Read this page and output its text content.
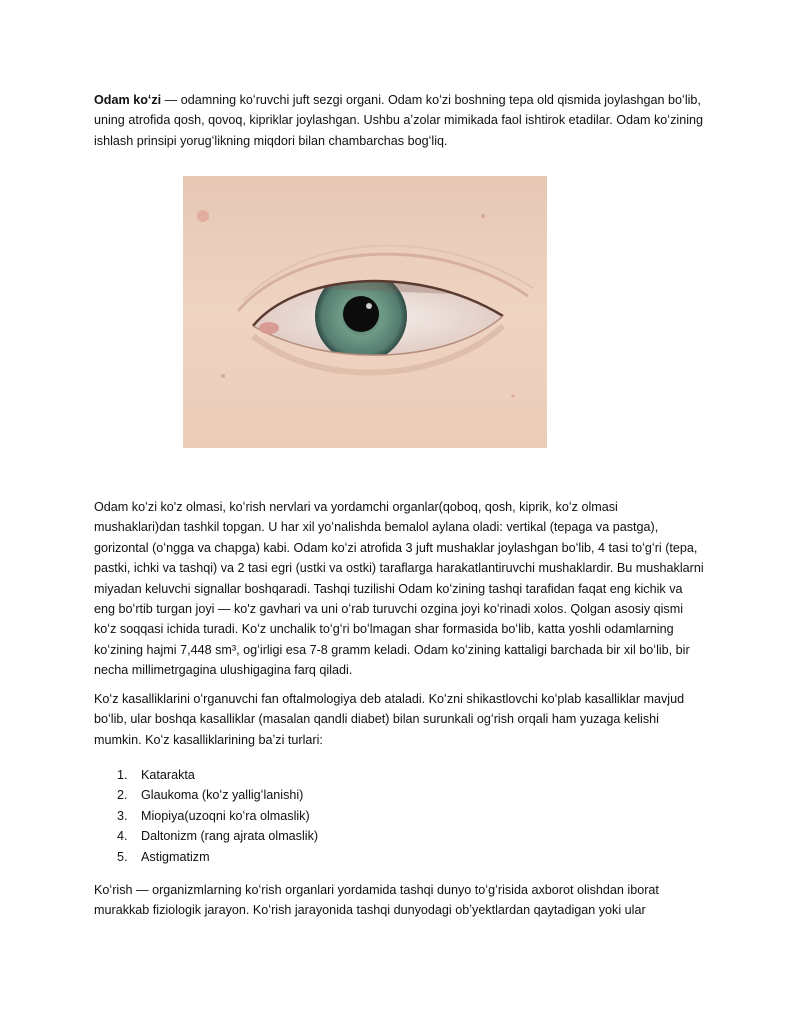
Odam koʻzi — odamning koʻruvchi juft sezgi organi. Odam koʻzi boshning tepa old qismida joylashgan boʻlib, uning atrofida qosh, qovoq, kipriklar joylashgan. Ushbu aʼzolar mimikada faol ishtirok etadilar. Odam koʻzining ishlash prinsipi yorugʻlikning miqdori bilan chambarchas bogʻliq.

Odam koʻzi ko'z olmasi, koʻrish nervlari va yordamchi organlar(qoboq, qosh, kiprik, koʻz olmasi mushaklari)dan tashkil topgan. U har xil yoʻnalishda bemalol aylana oladi: vertikal (tepaga va pastga), gorizontal (oʻngga va chapga) kabi. Odam koʻzi atrofida 3 juft mushaklar joylashgan boʻlib, 4 tasi toʻgʻri (tepa, pastki, ichki va tashqi) va 2 tasi egri (ustki va ostki) taraflarga harakatlantiruvchi mushaklardir. Bu mushaklarni miyadan keluvchi signallar boshqaradi. Tashqi tuzilishi Odam koʻzining tashqi tarafidan faqat eng kichik va eng boʻrtib turgan joyi — ko'z gavhari va uni oʻrab turuvchi ozgina joyi koʻrinadi xolos. Qolgan asosiy qismi koʻz soqqasi ichida turadi. Koʻz unchalik toʻgʻri boʻlmagan shar formasida boʻlib, katta yoshli odamlarning koʻzining hajmi 7,448 sm³, ogʻirligi esa 7-8 gramm keladi. Odam koʻzining kattaligi barchada bir xil boʻlib, bir necha millimetrgagina ulushigagina farq qiladi.

Koʻz kasalliklarini oʻrganuvchi fan oftalmologiya deb ataladi. Koʻzni shikastlovchi koʻplab kasalliklar mavjud boʻlib, ular boshqa kasalliklar (masalan qandli diabet) bilan surunkali ogʻrish orqali ham yuzaga kelishi mumkin. Koʻz kasalliklarining baʼzi turlari:

1.	Katarakta
2.	Glaukoma (koʻz yalligʻlanishi)
3.	Miopiya(uzoqni koʻra olmaslik)
4.	Daltonizm (rang ajrata olmaslik)
5.	Astigmatizm

Koʻrish — organizmlarning koʻrish organlari yordamida tashqi dunyo toʻgʻrisida axborot olishdan iborat murakkab fiziologik jarayon. Koʻrish jarayonida tashqi dunyodagi obʼyektlardan qaytadigan yoki ular
